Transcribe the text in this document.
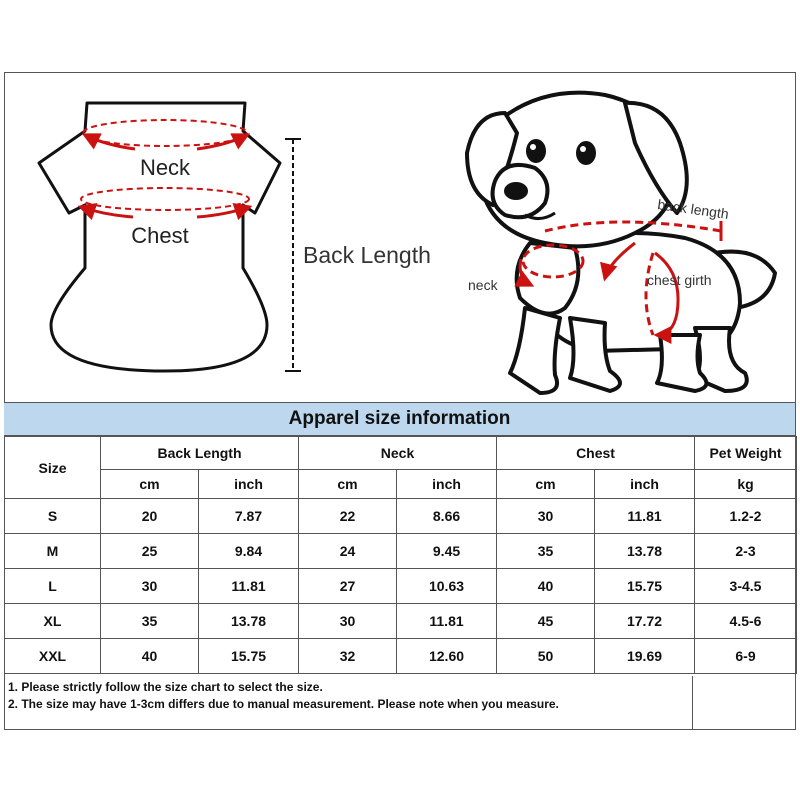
Neck
Chest
Back Length
back length
neck	chest girth
Apparel size information
Size	Back Length		Neck		Chest		Pet Weight
	cm	inch	cm	inch	cm	inch	kg
S	20	7.87	22	8.66	30	11.81	1.2-2
M	25	9.84	24	9.45	35	13.78	2-3
L	30	11.81	27	10.63	40	15.75	3-4.5
XL	35	13.78	30	11.81	45	17.72	4.5-6
XXL	40	15.75	32	12.60	50	19.69	6-9
1. Please strictly follow the size chart to select the size.
2. The size may have 1-3cm differs due to manual measurement. Please note when you measure.
